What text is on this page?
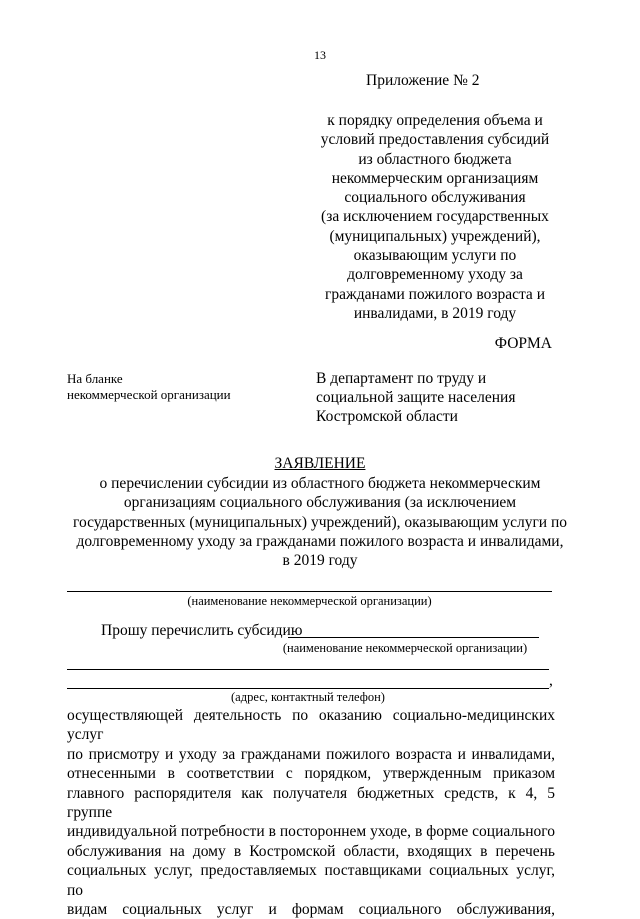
13
Приложение № 2
к порядку определения объема и
условий предоставления субсидий
из областного бюджета
некоммерческим организациям
социального обслуживания
(за исключением государственных
(муниципальных) учреждений),
оказывающим услуги по
долговременному уходу за
гражданами пожилого возраста и
инвалидами, в 2019 году
ФОРМА
На бланке
некоммерческой организации
В департамент по труду и
социальной защите населения
Костромской области
ЗАЯВЛЕНИЕ
о перечислении субсидии из областного бюджета некоммерческим
организациям социального обслуживания (за исключением
государственных (муниципальных) учреждений), оказывающим услуги по
долговременному уходу за гражданами пожилого возраста и инвалидами,
в 2019 году
(наименование некоммерческой организации)
Прошу перечислить субсидию
(наименование некоммерческой организации)
,
(адрес, контактный телефон)
осуществляющей деятельность по оказанию социально-медицинских услуг
по присмотру и уходу за гражданами пожилого возраста и инвалидами,
отнесенными в соответствии с порядком, утвержденным приказом
главного распорядителя как получателя бюджетных средств, к 4, 5 группе
индивидуальной потребности в постороннем уходе, в форме социального
обслуживания на дому в Костромской области, входящих в перечень
социальных услуг, предоставляемых поставщиками социальных услуг, по
видам социальных услуг и формам социального обслуживания,
